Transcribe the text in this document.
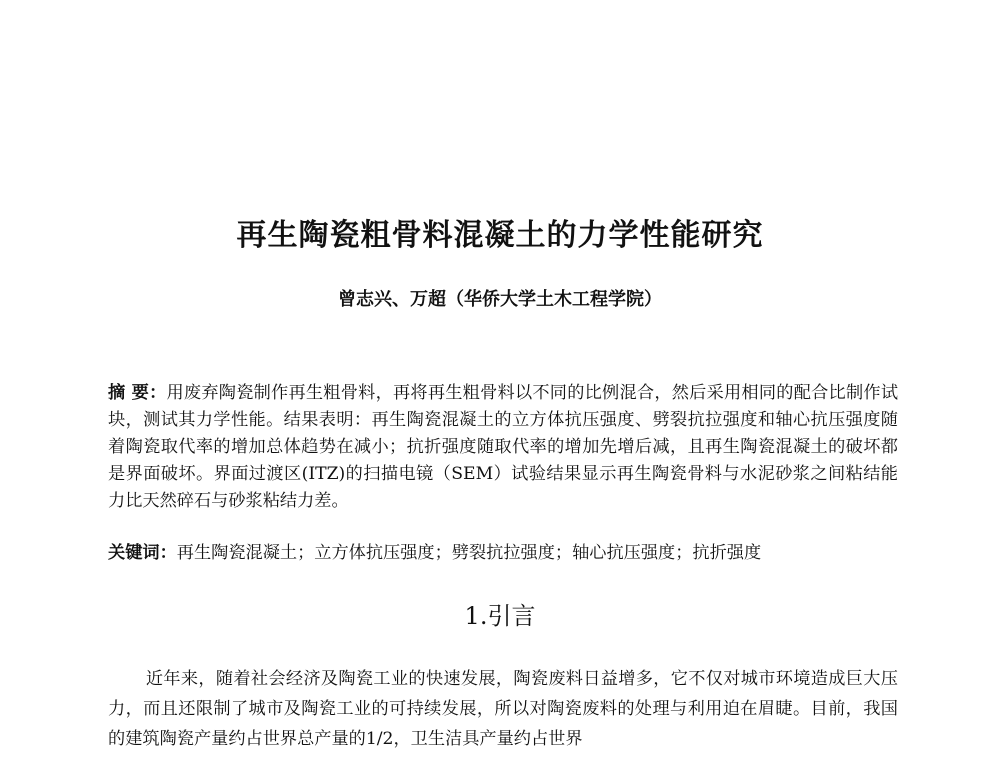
再生陶瓷粗骨料混凝土的力学性能研究

曾志兴、万超（华侨大学土木工程学院）

摘 要：用废弃陶瓷制作再生粗骨料，再将再生粗骨料以不同的比例混合，然后采用相同的配合比制作试块，测试其力学性能。结果表明：再生陶瓷混凝土的立方体抗压强度、劈裂抗拉强度和轴心抗压强度随着陶瓷取代率的增加总体趋势在减小；抗折强度随取代率的增加先增后减，且再生陶瓷混凝土的破坏都是界面破坏。界面过渡区(ITZ)的扫描电镜（SEM）试验结果显示再生陶瓷骨料与水泥砂浆之间粘结能力比天然碎石与砂浆粘结力差。

关键词：再生陶瓷混凝土；立方体抗压强度；劈裂抗拉强度；轴心抗压强度；抗折强度

1.引言

近年来，随着社会经济及陶瓷工业的快速发展，陶瓷废料日益增多，它不仅对城市环境造成巨大压力，而且还限制了城市及陶瓷工业的可持续发展，所以对陶瓷废料的处理与利用迫在眉睫。目前，我国的建筑陶瓷产量约占世界总产量的1/2，卫生洁具产量约占世界
